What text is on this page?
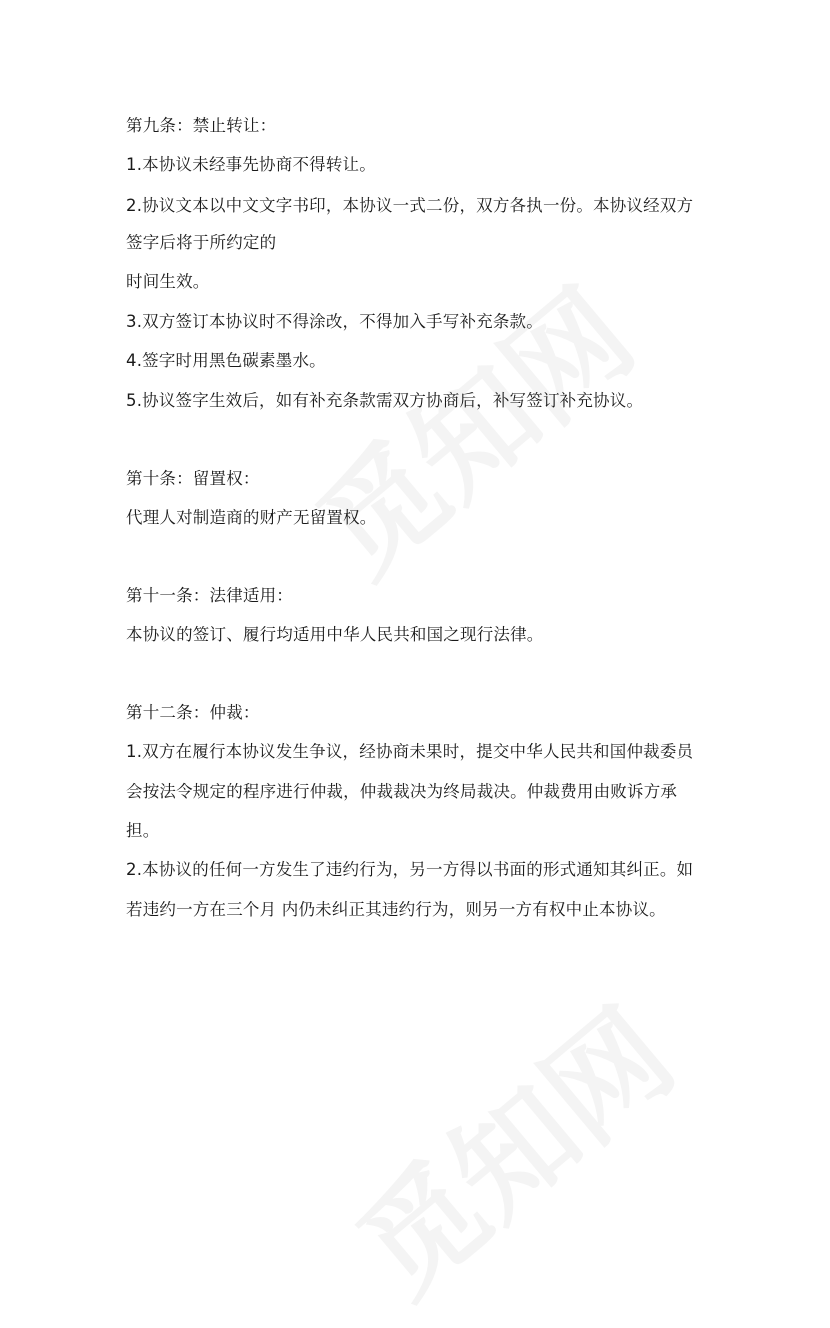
第九条：禁止转让：
1.本协议未经事先协商不得转让。
2.协议文本以中文文字书印，本协议一式二份，双方各执一份。本协议经双方
签字后将于所约定的
时间生效。
3.双方签订本协议时不得涂改，不得加入手写补充条款。
4.签字时用黑色碳素墨水。
5.协议签字生效后，如有补充条款需双方协商后，补写签订补充协议。
第十条：留置权：
代理人对制造商的财产无留置权。
第十一条：法律适用：
本协议的签订、履行均适用中华人民共和国之现行法律。
第十二条：仲裁：
1.双方在履行本协议发生争议，经协商未果时，提交中华人民共和国仲裁委员
会按法令规定的程序进行仲裁，仲裁裁决为终局裁决。仲裁费用由败诉方承
担。
2.本协议的任何一方发生了违约行为，另一方得以书面的形式通知其纠正。如
若违约一方在三个月 内仍未纠正其违约行为，则另一方有权中止本协议。
